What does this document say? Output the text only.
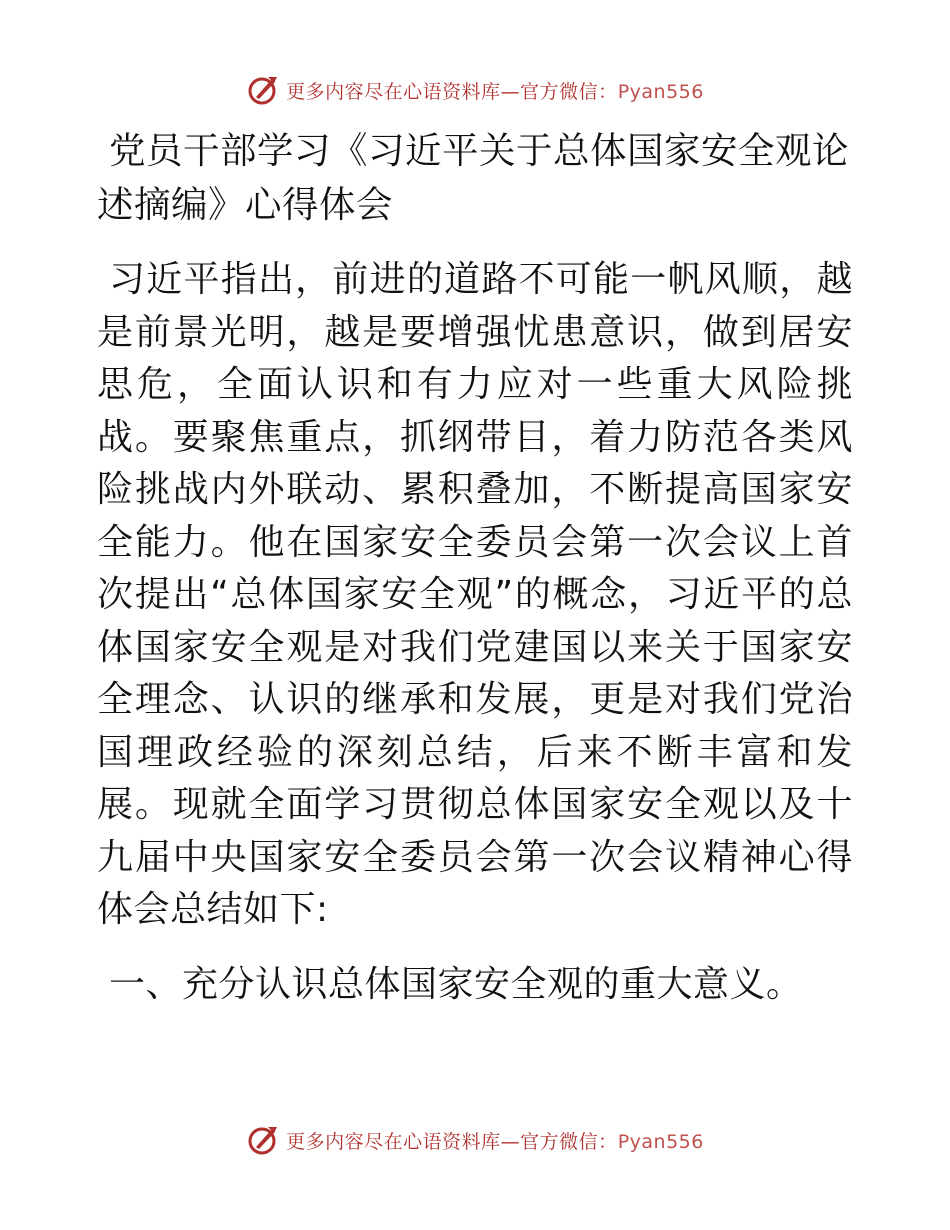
更多内容尽在心语资料库—官方微信：Pyan556
党员干部学习《习近平关于总体国家安全观论述摘编》心得体会

习近平指出，前进的道路不可能一帆风顺，越是前景光明，越是要增强忧患意识，做到居安思危，全面认识和有力应对一些重大风险挑战。要聚焦重点，抓纲带目，着力防范各类风险挑战内外联动、累积叠加，不断提高国家安全能力。他在国家安全委员会第一次会议上首次提出“总体国家安全观”的概念，习近平的总体国家安全观是对我们党建国以来关于国家安全理念、认识的继承和发展，更是对我们党治国理政经验的深刻总结，后来不断丰富和发展。现就全面学习贯彻总体国家安全观以及十九届中央国家安全委员会第一次会议精神心得体会总结如下:

一、充分认识总体国家安全观的重大意义。
更多内容尽在心语资料库—官方微信：Pyan556
